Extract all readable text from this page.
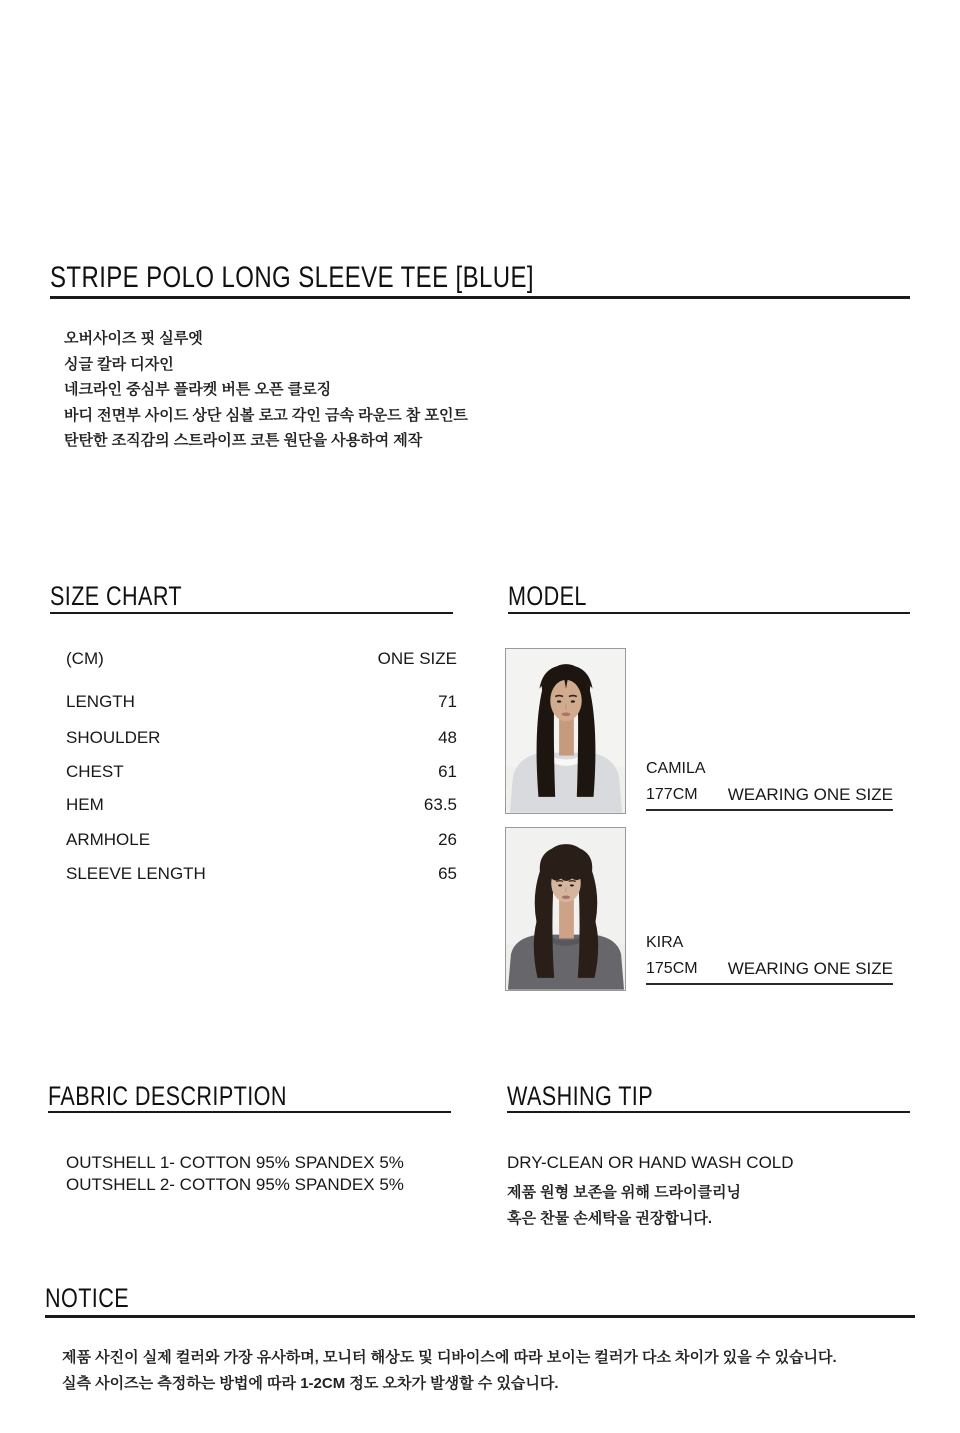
STRIPE POLO LONG SLEEVE TEE [BLUE]
오버사이즈 핏 실루엣
싱글 칼라 디자인
네크라인 중심부 플라켓 버튼 오픈 클로징
바디 전면부 사이드 상단 심볼 로고 각인 금속 라운드 참 포인트
탄탄한 조직감의 스트라이프 코튼 원단을 사용하여 제작
SIZE CHART
(CM)	ONE SIZE
LENGTH	71
SHOULDER	48
CHEST	61
HEM	63.5
ARMHOLE	26
SLEEVE LENGTH	65
MODEL
CAMILA
177CM	WEARING ONE SIZE
KIRA
175CM	WEARING ONE SIZE
FABRIC DESCRIPTION
OUTSHELL 1- COTTON 95% SPANDEX 5%
OUTSHELL 2- COTTON 95% SPANDEX 5%
WASHING TIP
DRY-CLEAN OR HAND WASH COLD
제품 원형 보존을 위해 드라이클리닝
혹은 찬물 손세탁을 권장합니다.
NOTICE
제품 사진이 실제 컬러와 가장 유사하며, 모니터 해상도 및 디바이스에 따라 보이는 컬러가 다소 차이가 있을 수 있습니다.
실측 사이즈는 측정하는 방법에 따라 1-2CM 정도 오차가 발생할 수 있습니다.
